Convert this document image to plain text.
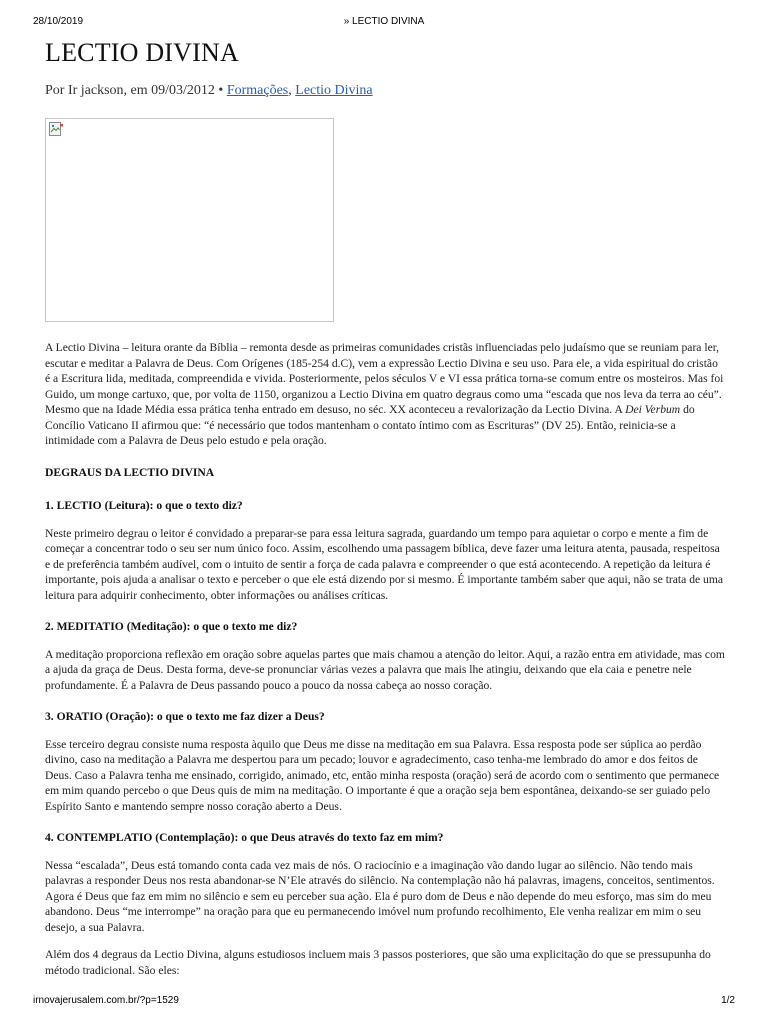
28/10/2019	» LECTIO DIVINA
LECTIO DIVINA
Por Ir jackson, em 09/03/2012 • Formações, Lectio Divina

A Lectio Divina – leitura orante da Bíblia – remonta desde as primeiras comunidades cristãs influenciadas pelo judaísmo que se reuniam para ler, escutar e meditar a Palavra de Deus. Com Orígenes (185-254 d.C), vem a expressão Lectio Divina e seu uso. Para ele, a vida espiritual do cristão é a Escritura lida, meditada, compreendida e vivida. Posteriormente, pelos séculos V e VI essa prática torna-se comum entre os mosteiros. Mas foi Guido, um monge cartuxo, que, por volta de 1150, organizou a Lectio Divina em quatro degraus como uma “escada que nos leva da terra ao céu”. Mesmo que na Idade Média essa prática tenha entrado em desuso, no séc. XX aconteceu a revalorização da Lectio Divina. A Dei Verbum do Concílio Vaticano II afirmou que: “é necessário que todos mantenham o contato íntimo com as Escrituras” (DV 25). Então, reinicia-se a intimidade com a Palavra de Deus pelo estudo e pela oração.

DEGRAUS DA LECTIO DIVINA
1. LECTIO (Leitura): o que o texto diz?

Neste primeiro degrau o leitor é convidado a preparar-se para essa leitura sagrada, guardando um tempo para aquietar o corpo e mente a fim de começar a concentrar todo o seu ser num único foco. Assim, escolhendo uma passagem bíblica, deve fazer uma leitura atenta, pausada, respeitosa e de preferência também audível, com o intuito de sentir a força de cada palavra e compreender o que está acontecendo. A repetição da leitura é importante, pois ajuda a analisar o texto e perceber o que ele está dizendo por si mesmo. É importante também saber que aqui, não se trata de uma leitura para adquirir conhecimento, obter informações ou análises críticas.

2. MEDITATIO (Meditação): o que o texto me diz?

A meditação proporciona reflexão em oração sobre aquelas partes que mais chamou a atenção do leitor. Aqui, a razão entra em atividade, mas com a ajuda da graça de Deus. Desta forma, deve-se pronunciar várias vezes a palavra que mais lhe atingiu, deixando que ela caia e penetre nele profundamente. É a Palavra de Deus passando pouco a pouco da nossa cabeça ao nosso coração.

3. ORATIO (Oração): o que o texto me faz dizer a Deus?

Esse terceiro degrau consiste numa resposta àquilo que Deus me disse na meditação em sua Palavra. Essa resposta pode ser súplica ao perdão divino, caso na meditação a Palavra me despertou para um pecado; louvor e agradecimento, caso tenha-me lembrado do amor e dos feitos de Deus. Caso a Palavra tenha me ensinado, corrigido, animado, etc, então minha resposta (oração) será de acordo com o sentimento que permanece em mim quando percebo o que Deus quis de mim na meditação. O importante é que a oração seja bem espontânea, deixando-se ser guiado pelo Espírito Santo e mantendo sempre nosso coração aberto a Deus.

4. CONTEMPLATIO (Contemplação): o que Deus através do texto faz em mim?

Nessa “escalada”, Deus está tomando conta cada vez mais de nós. O raciocínio e a imaginação vão dando lugar ao silêncio. Não tendo mais palavras a responder Deus nos resta abandonar-se N’Ele através do silêncio. Na contemplação não há palavras, imagens, conceitos, sentimentos. Agora é Deus que faz em mim no silêncio e sem eu perceber sua ação. Ela é puro dom de Deus e não depende do meu esforço, mas sim do meu abandono. Deus “me interrompe” na oração para que eu permanecendo imóvel num profundo recolhimento, Ele venha realizar em mim o seu desejo, a sua Palavra.

Além dos 4 degraus da Lectio Divina, alguns estudiosos incluem mais 3 passos posteriores, que são uma explicitação do que se pressupunha do método tradicional. São eles:

irnovajerusalem.com.br/?p=1529	1/2
